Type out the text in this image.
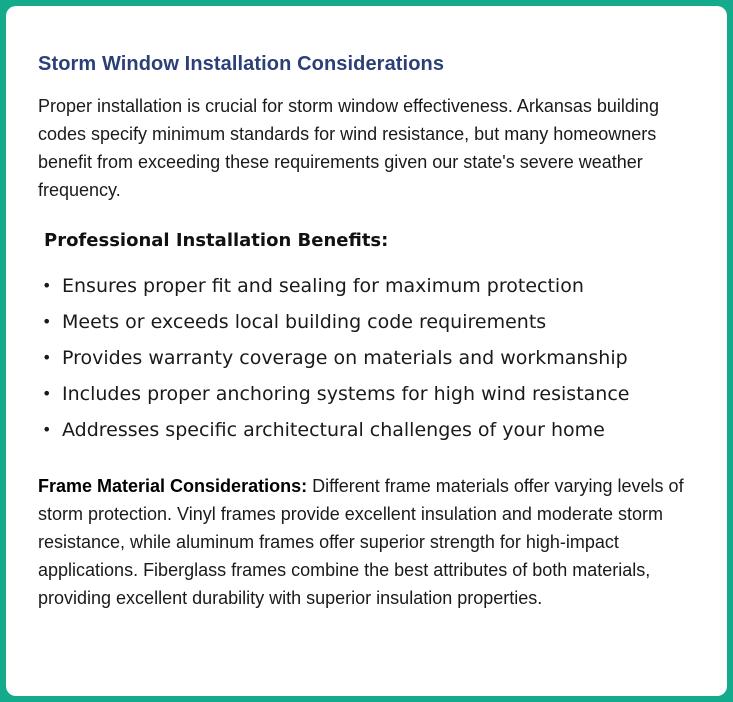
Storm Window Installation Considerations

Proper installation is crucial for storm window effectiveness. Arkansas building codes specify minimum standards for wind resistance, but many homeowners benefit from exceeding these requirements given our state's severe weather frequency.

Professional Installation Benefits:
• Ensures proper fit and sealing for maximum protection
• Meets or exceeds local building code requirements
• Provides warranty coverage on materials and workmanship
• Includes proper anchoring systems for high wind resistance
• Addresses specific architectural challenges of your home

Frame Material Considerations: Different frame materials offer varying levels of storm protection. Vinyl frames provide excellent insulation and moderate storm resistance, while aluminum frames offer superior strength for high-impact applications. Fiberglass frames combine the best attributes of both materials, providing excellent durability with superior insulation properties.
